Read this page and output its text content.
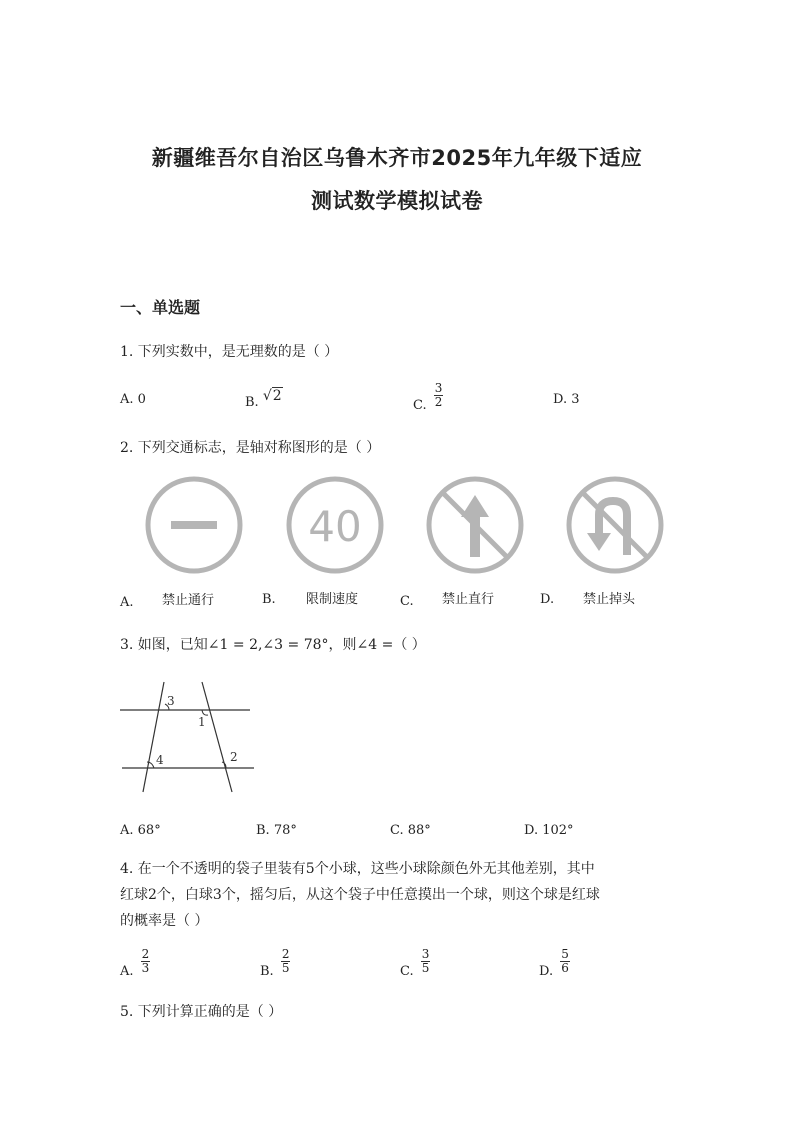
新疆维吾尔自治区乌鲁木齐市2025年九年级下适应
测试数学模拟试卷
一、单选题
1. 下列实数中，是无理数的是（ ）
A. 0	B. √2
C. $\frac{3}{2}$	D. 3
2. 下列交通标志，是轴对称图形的是（ ）
40
A. 禁止通行	B. 限制速度	C. 禁止直行	D. 禁止掉头
3. 如图，已知∠1 = 2,∠3 = 78°，则∠4 =（ ）
3
1
4	2
A. 68°	B. 78°	C. 88°	D. 102°
4. 在一个不透明的袋子里装有5个小球，这些小球除颜色外无其他差别，其中
红球2个，白球3个，摇匀后，从这个袋子中任意摸出一个球，则这个球是红球
的概率是（ ）
A. $\frac{2}{3}$	B. $\frac{2}{5}$	C. $\frac{3}{5}$	D. $\frac{5}{6}$
5. 下列计算正确的是（ ）
